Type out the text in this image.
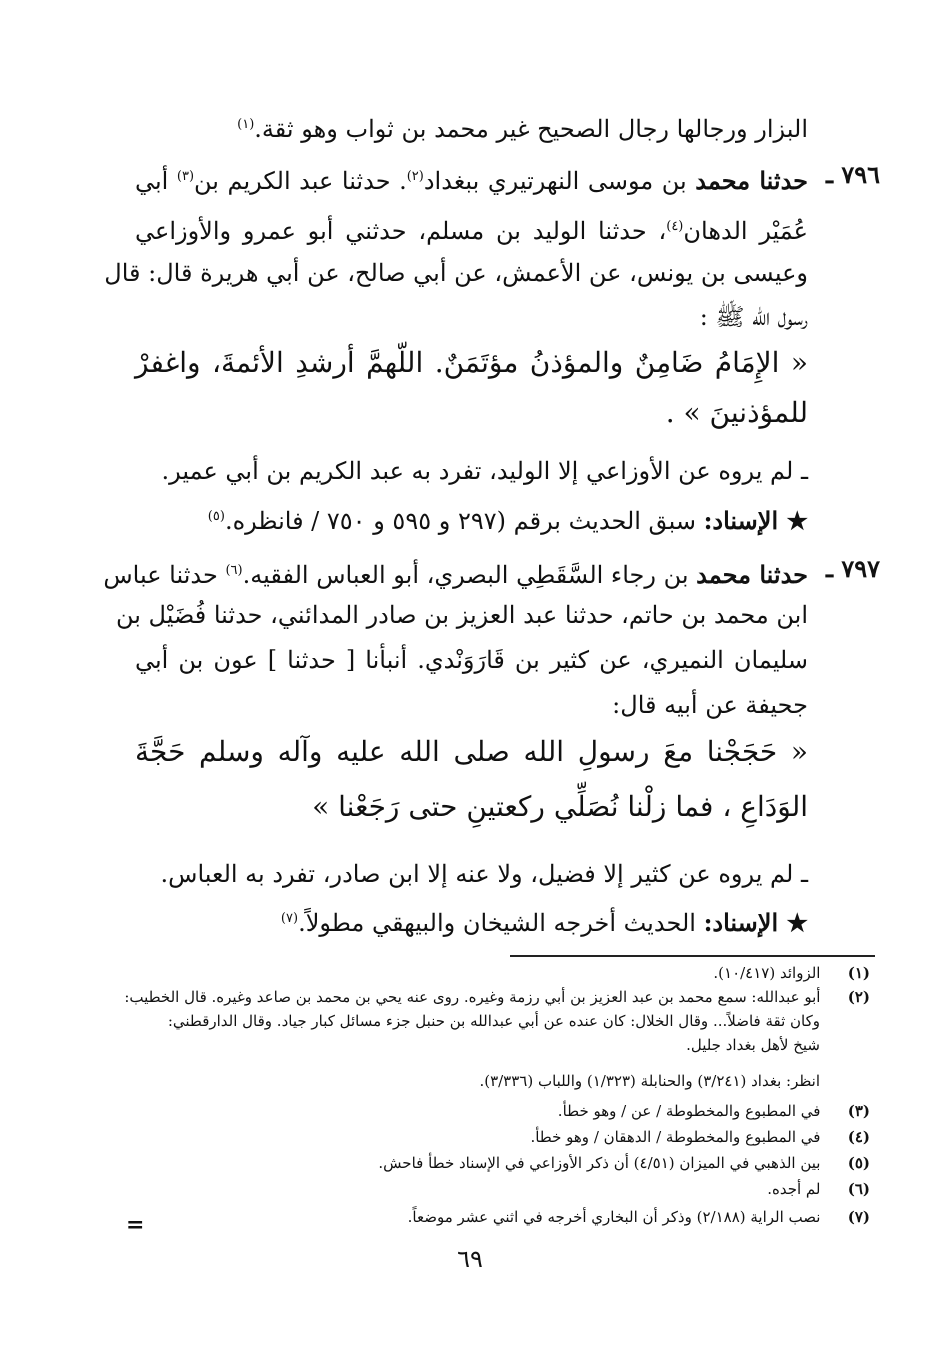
البزار ورجالها رجال الصحيح غير محمد بن ثواب وهو ثقة.$^{(١)}$
٧٩٦ ـ
حدثنا محمد بن موسى النهرتيري ببغداد$^{(٢)}$. حدثنا عبد الكريم بن$^{(٣)}$ أبي
عُمَيْر الدهان$^{(٤)}$، حدثنا الوليد بن مسلم، حدثني أبو عمرو والأوزاعي
وعيسى بن يونس، عن الأعمش، عن أبي صالح، عن أبي هريرة قال: قال
رسول الله ﷺ :
« الإِمَامُ ضَامِنٌ والمؤذنُ مؤتَمَنٌ. اللّهمَّ أرشدِ الأئمةَ، واغفرْ
للمؤذنينَ » .
ـ لم يروه عن الأوزاعي إلا الوليد، تفرد به عبد الكريم بن أبي عمير.
★ الإسناد: سبق الحديث برقم (٢٩٧ و ٥٩٥ و ٧٥٠ / فانظره.$^{(٥)}$
٧٩٧ ـ
حدثنا محمد بن رجاء السَّقَطِي البصري، أبو العباس الفقيه.$^{(٦)}$ حدثنا عباس
ابن محمد بن حاتم، حدثنا عبد العزيز بن صادر المدائني، حدثنا فُضَيْل بن
سليمان النميري، عن كثير بن قَارَوَنْدي. أنبأنا [ حدثنا ] عون بن أبي
جحيفة عن أبيه قال:
« حَجَجْنا معَ رسولِ الله صلى الله عليه وآله وسلم حَجَّةَ
الوَدَاعِ ، فما زلْنا نُصَلِّي ركعتينِ حتى رَجَعْنا »
ـ لم يروه عن كثير إلا فضيل، ولا عنه إلا ابن صادر، تفرد به العباس.
★ الإسناد: الحديث أخرجه الشيخان والبيهقي مطولاً.$^{(٧)}$
(١)  الزوائد (١٠/٤١٧).
(٢)  أبو عبدالله: سمع محمد بن عبد العزيز بن أبي رزمة وغيره. روى عنه يحي بن محمد بن صاعد وغيره. قال الخطيب:
وكان ثقة فاضلاً... وقال الخلال: كان عنده عن أبي عبدالله بن حنبل جزء مسائل كبار جياد. وقال الدارقطني:
شيخ لأهل بغداد جليل.
انظر: بغداد (٣/٢٤١) والحنابلة (١/٣٢٣) واللباب (٣/٣٣٦).
(٣)  في المطبوع والمخطوطة / عن / وهو خطأ.
(٤)  في المطبوع والمخطوطة / الدهقان / وهو خطأ.
(٥)  بين الذهبي في الميزان (٤/٥١) أن ذكر الأوزاعي في الإسناد خطأ فاحش.
(٦)  لم أجده.
(٧)  نصب الراية (٢/١٨٨) وذكر أن البخاري أخرجه في اثني عشر موضعاً.
=
٦٩
